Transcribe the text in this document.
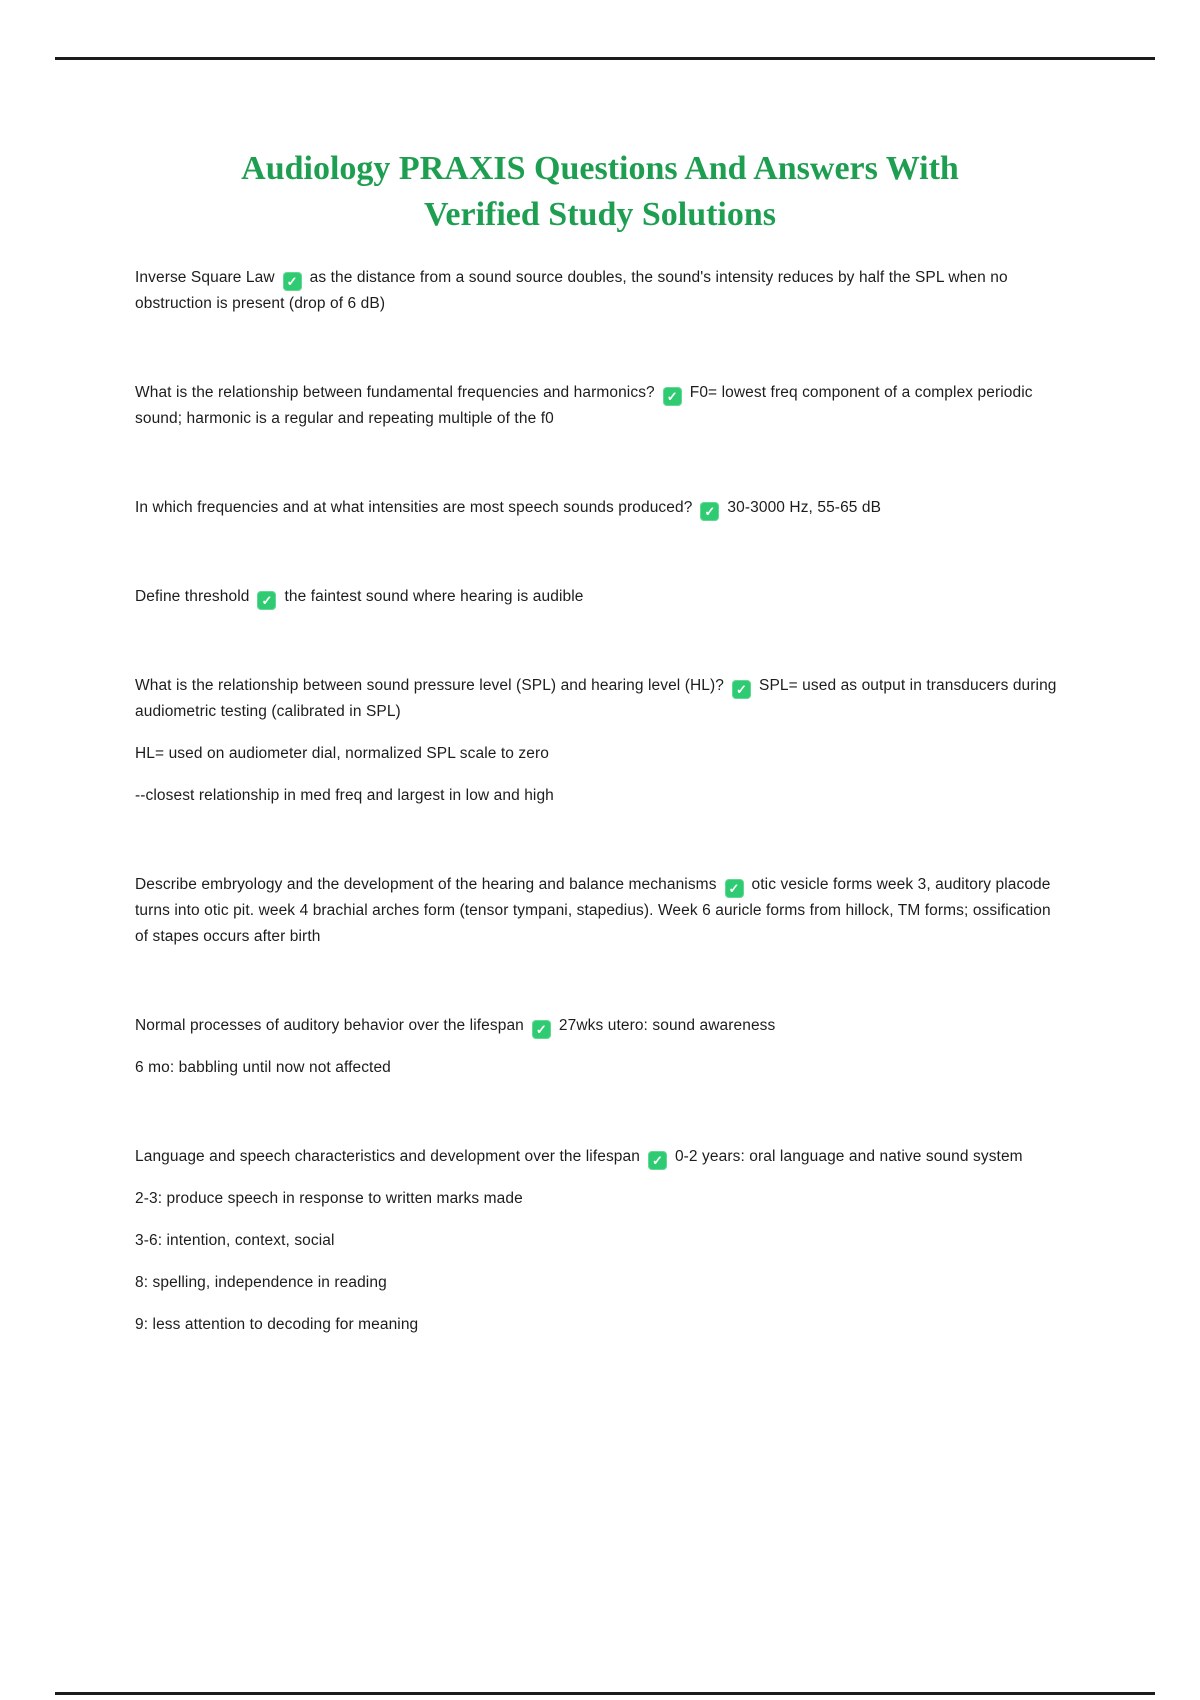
Audiology PRAXIS Questions And Answers With
Verified Study Solutions

Inverse Square Law ✓ as the distance from a sound source doubles, the sound's intensity reduces by half the SPL when no obstruction is present (drop of 6 dB)

What is the relationship between fundamental frequencies and harmonics? ✓ F0= lowest freq component of a complex periodic sound; harmonic is a regular and repeating multiple of the f0

In which frequencies and at what intensities are most speech sounds produced? ✓ 30-3000 Hz, 55-65 dB

Define threshold ✓ the faintest sound where hearing is audible

What is the relationship between sound pressure level (SPL) and hearing level (HL)? ✓ SPL= used as output in transducers during audiometric testing (calibrated in SPL)

HL= used on audiometer dial, normalized SPL scale to zero

--closest relationship in med freq and largest in low and high

Describe embryology and the development of the hearing and balance mechanisms ✓ otic vesicle forms week 3, auditory placode turns into otic pit. week 4 brachial arches form (tensor tympani, stapedius). Week 6 auricle forms from hillock, TM forms; ossification of stapes occurs after birth

Normal processes of auditory behavior over the lifespan ✓ 27wks utero: sound awareness

6 mo: babbling until now not affected

Language and speech characteristics and development over the lifespan ✓ 0-2 years: oral language and native sound system

2-3: produce speech in response to written marks made

3-6: intention, context, social

8: spelling, independence in reading

9: less attention to decoding for meaning
